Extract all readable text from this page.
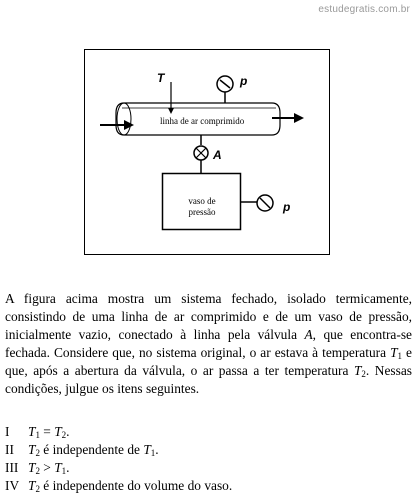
estudegratis.com.br
linha de ar comprimido
vaso de
pressão
T	p
A
p
A figura acima mostra um sistema fechado, isolado termicamente, consistindo de uma linha de ar comprimido e de um vaso de pressão, inicialmente vazio, conectado à linha pela válvula A, que encontra-se fechada. Considere que, no sistema original, o ar estava à temperatura $T_1$ e que, após a abertura da válvula, o ar passa a ter temperatura $T_2$. Nessas condições, julgue os itens seguintes.
I	$T_1 = T_2$.
II	$T_2$ é independente de $T_1$.
III $T_2 > T_1$.
IV $T_2$ é independente do volume do vaso.
